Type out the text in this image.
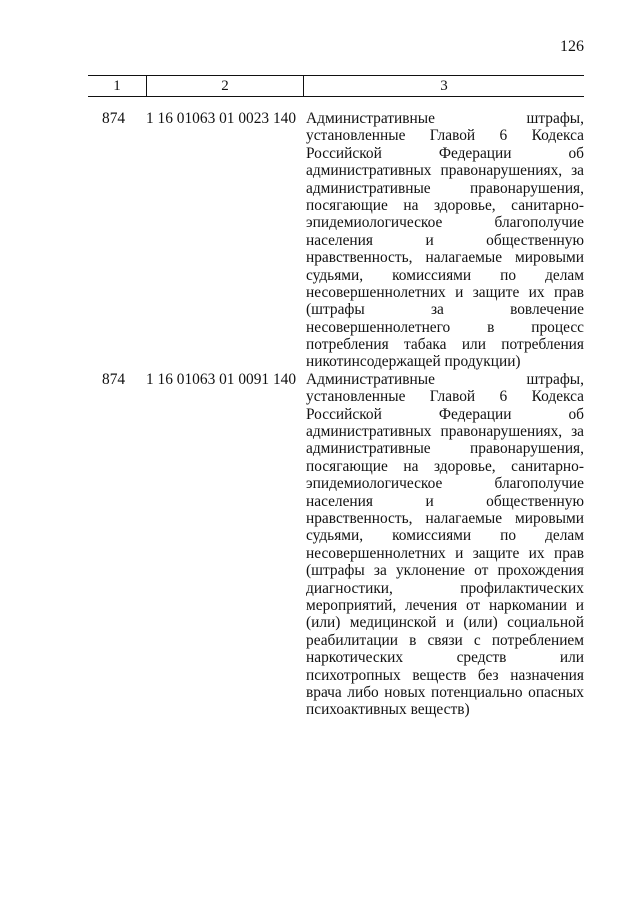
126
1	2	3
874	1 16 01063 01 0023 140 Административные штрафы,
установленные Главой 6 Кодекса
Российской Федерации об
административных правонарушениях, за
административные правонарушения,
посягающие на здоровье, санитарно-
эпидемиологическое благополучие
населения и общественную
нравственность, налагаемые мировыми
судьями, комиссиями по делам
несовершеннолетних и защите их прав
(штрафы за вовлечение
несовершеннолетнего в процесс
потребления табака или потребления
никотинсодержащей продукции)
874	1 16 01063 01 0091 140 Административные штрафы,
установленные Главой 6 Кодекса
Российской Федерации об
административных правонарушениях, за
административные правонарушения,
посягающие на здоровье, санитарно-
эпидемиологическое благополучие
населения и общественную
нравственность, налагаемые мировыми
судьями, комиссиями по делам
несовершеннолетних и защите их прав
(штрафы за уклонение от прохождения
диагностики, профилактических
мероприятий, лечения от наркомании и
(или) медицинской и (или) социальной
реабилитации в связи с потреблением
наркотических средств или
психотропных веществ без назначения
врача либо новых потенциально опасных
психоактивных веществ)
